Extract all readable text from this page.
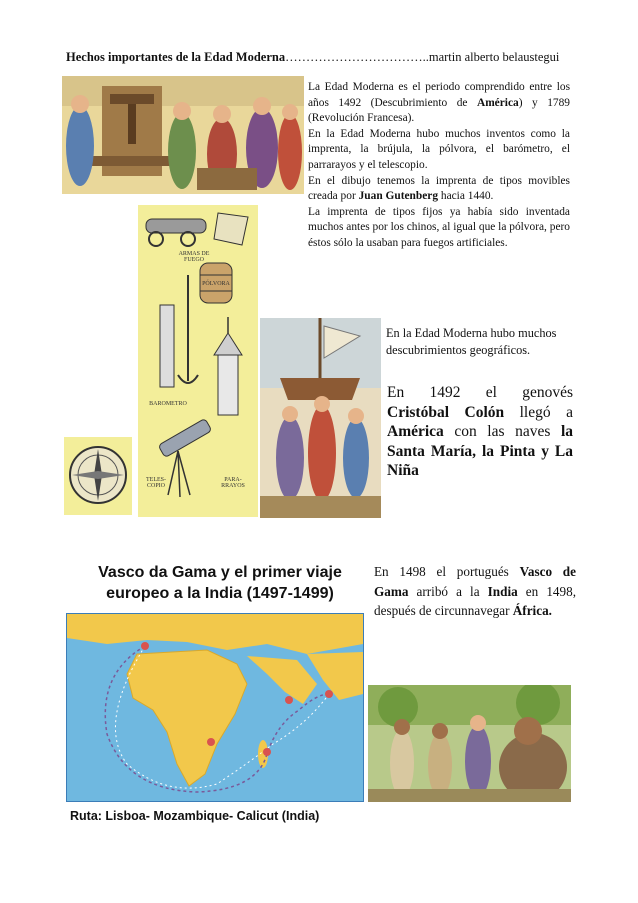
Hechos importantes de la Edad Moderna……………………………..martin alberto belaustegui

La Edad Moderna es el periodo comprendido entre los años 1492 (Descubrimiento de América) y 1789 (Revolución Francesa).

En la Edad Moderna hubo muchos inventos como la imprenta, la brújula, la pólvora, el barómetro, el parrarayos y el telescopio.

En el dibujo tenemos la imprenta de tipos movibles creada por Juan Gutenberg hacia 1440.

La imprenta de tipos fijos ya había sido inventada muchos antes por los chinos, al igual que la pólvora, pero éstos sólo la usaban para fuegos artificiales.

ARMAS DE FUEGO
PÓLVORA
BAROMETRO
TELES-COPIO
PARA-RRAYOS

En la Edad Moderna hubo muchos descubrimientos geográficos.

En 1492 el genovés Cristóbal Colón llegó a América con las naves la Santa María, la Pinta y La Niña

Vasco da Gama y el primer viaje
europeo a la India (1497-1499)
Ruta: Lisboa- Mozambique- Calicut (India)

En 1498 el portugués Vasco de Gama arribó a la India en 1498, después de circunnavegar África.
